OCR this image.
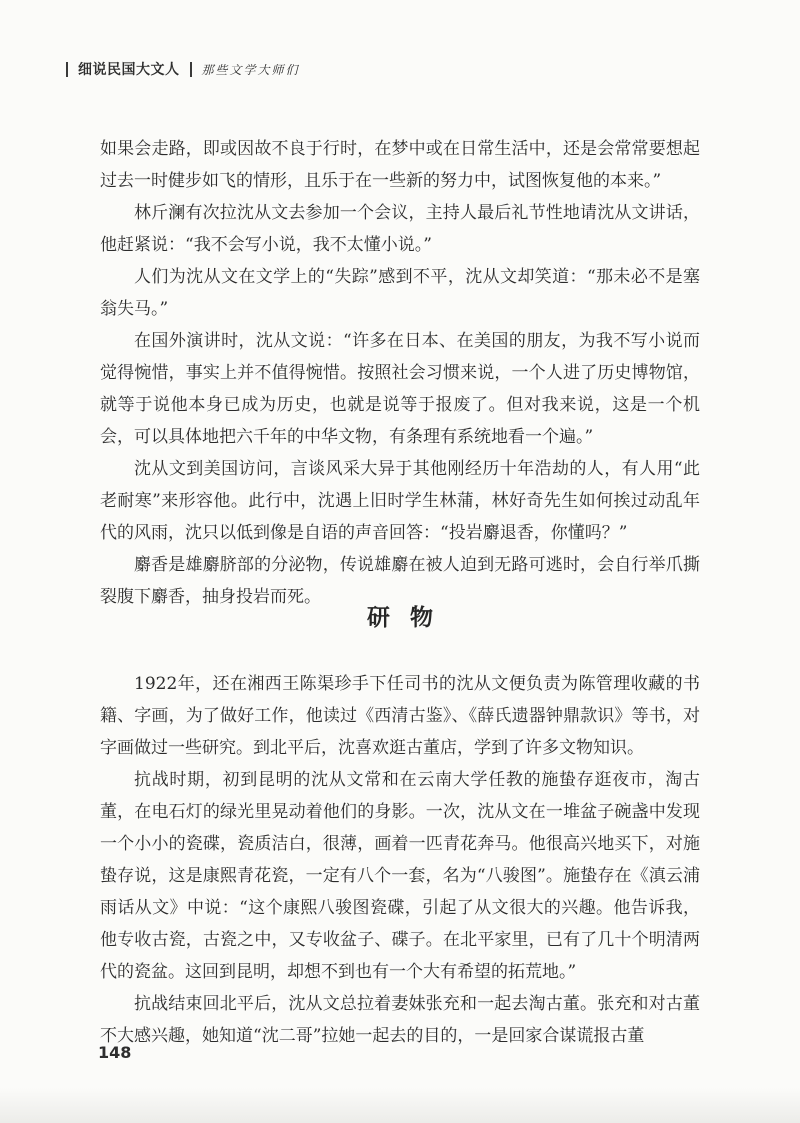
细说民国大文人 那些文学大师们

如果会走路，即或因故不良于行时，在梦中或在日常生活中，还是会常常要想起过去一时健步如飞的情形，且乐于在一些新的努力中，试图恢复他的本来。”

林斤澜有次拉沈从文去参加一个会议，主持人最后礼节性地请沈从文讲话，他赶紧说：“我不会写小说，我不太懂小说。”

人们为沈从文在文学上的“失踪”感到不平，沈从文却笑道：“那未必不是塞翁失马。”

在国外演讲时，沈从文说：“许多在日本、在美国的朋友，为我不写小说而觉得惋惜，事实上并不值得惋惜。按照社会习惯来说，一个人进了历史博物馆，就等于说他本身已成为历史，也就是说等于报废了。但对我来说，这是一个机会，可以具体地把六千年的中华文物，有条理有系统地看一个遍。”

沈从文到美国访问，言谈风采大异于其他刚经历十年浩劫的人，有人用“此老耐寒”来形容他。此行中，沈遇上旧时学生林蒲，林好奇先生如何挨过动乱年代的风雨，沈只以低到像是自语的声音回答：“投岩麝退香，你懂吗？”

麝香是雄麝脐部的分泌物，传说雄麝在被人迫到无路可逃时，会自行举爪撕裂腹下麝香，抽身投岩而死。

研物

1922年，还在湘西王陈渠珍手下任司书的沈从文便负责为陈管理收藏的书籍、字画，为了做好工作，他读过《西清古鉴》、《薛氏遗器钟鼎款识》等书，对字画做过一些研究。到北平后，沈喜欢逛古董店，学到了许多文物知识。

抗战时期，初到昆明的沈从文常和在云南大学任教的施蛰存逛夜市，淘古董，在电石灯的绿光里晃动着他们的身影。一次，沈从文在一堆盆子碗盏中发现一个小小的瓷碟，瓷质洁白，很薄，画着一匹青花奔马。他很高兴地买下，对施蛰存说，这是康熙青花瓷，一定有八个一套，名为“八骏图”。施蛰存在《滇云浦雨话从文》中说：“这个康熙八骏图瓷碟，引起了从文很大的兴趣。他告诉我，他专收古瓷，古瓷之中，又专收盆子、碟子。在北平家里，已有了几十个明清两代的瓷盆。这回到昆明，却想不到也有一个大有希望的拓荒地。”

抗战结束回北平后，沈从文总拉着妻妹张充和一起去淘古董。张充和对古董不大感兴趣，她知道“沈二哥”拉她一起去的目的，一是回家合谋谎报古董

148
